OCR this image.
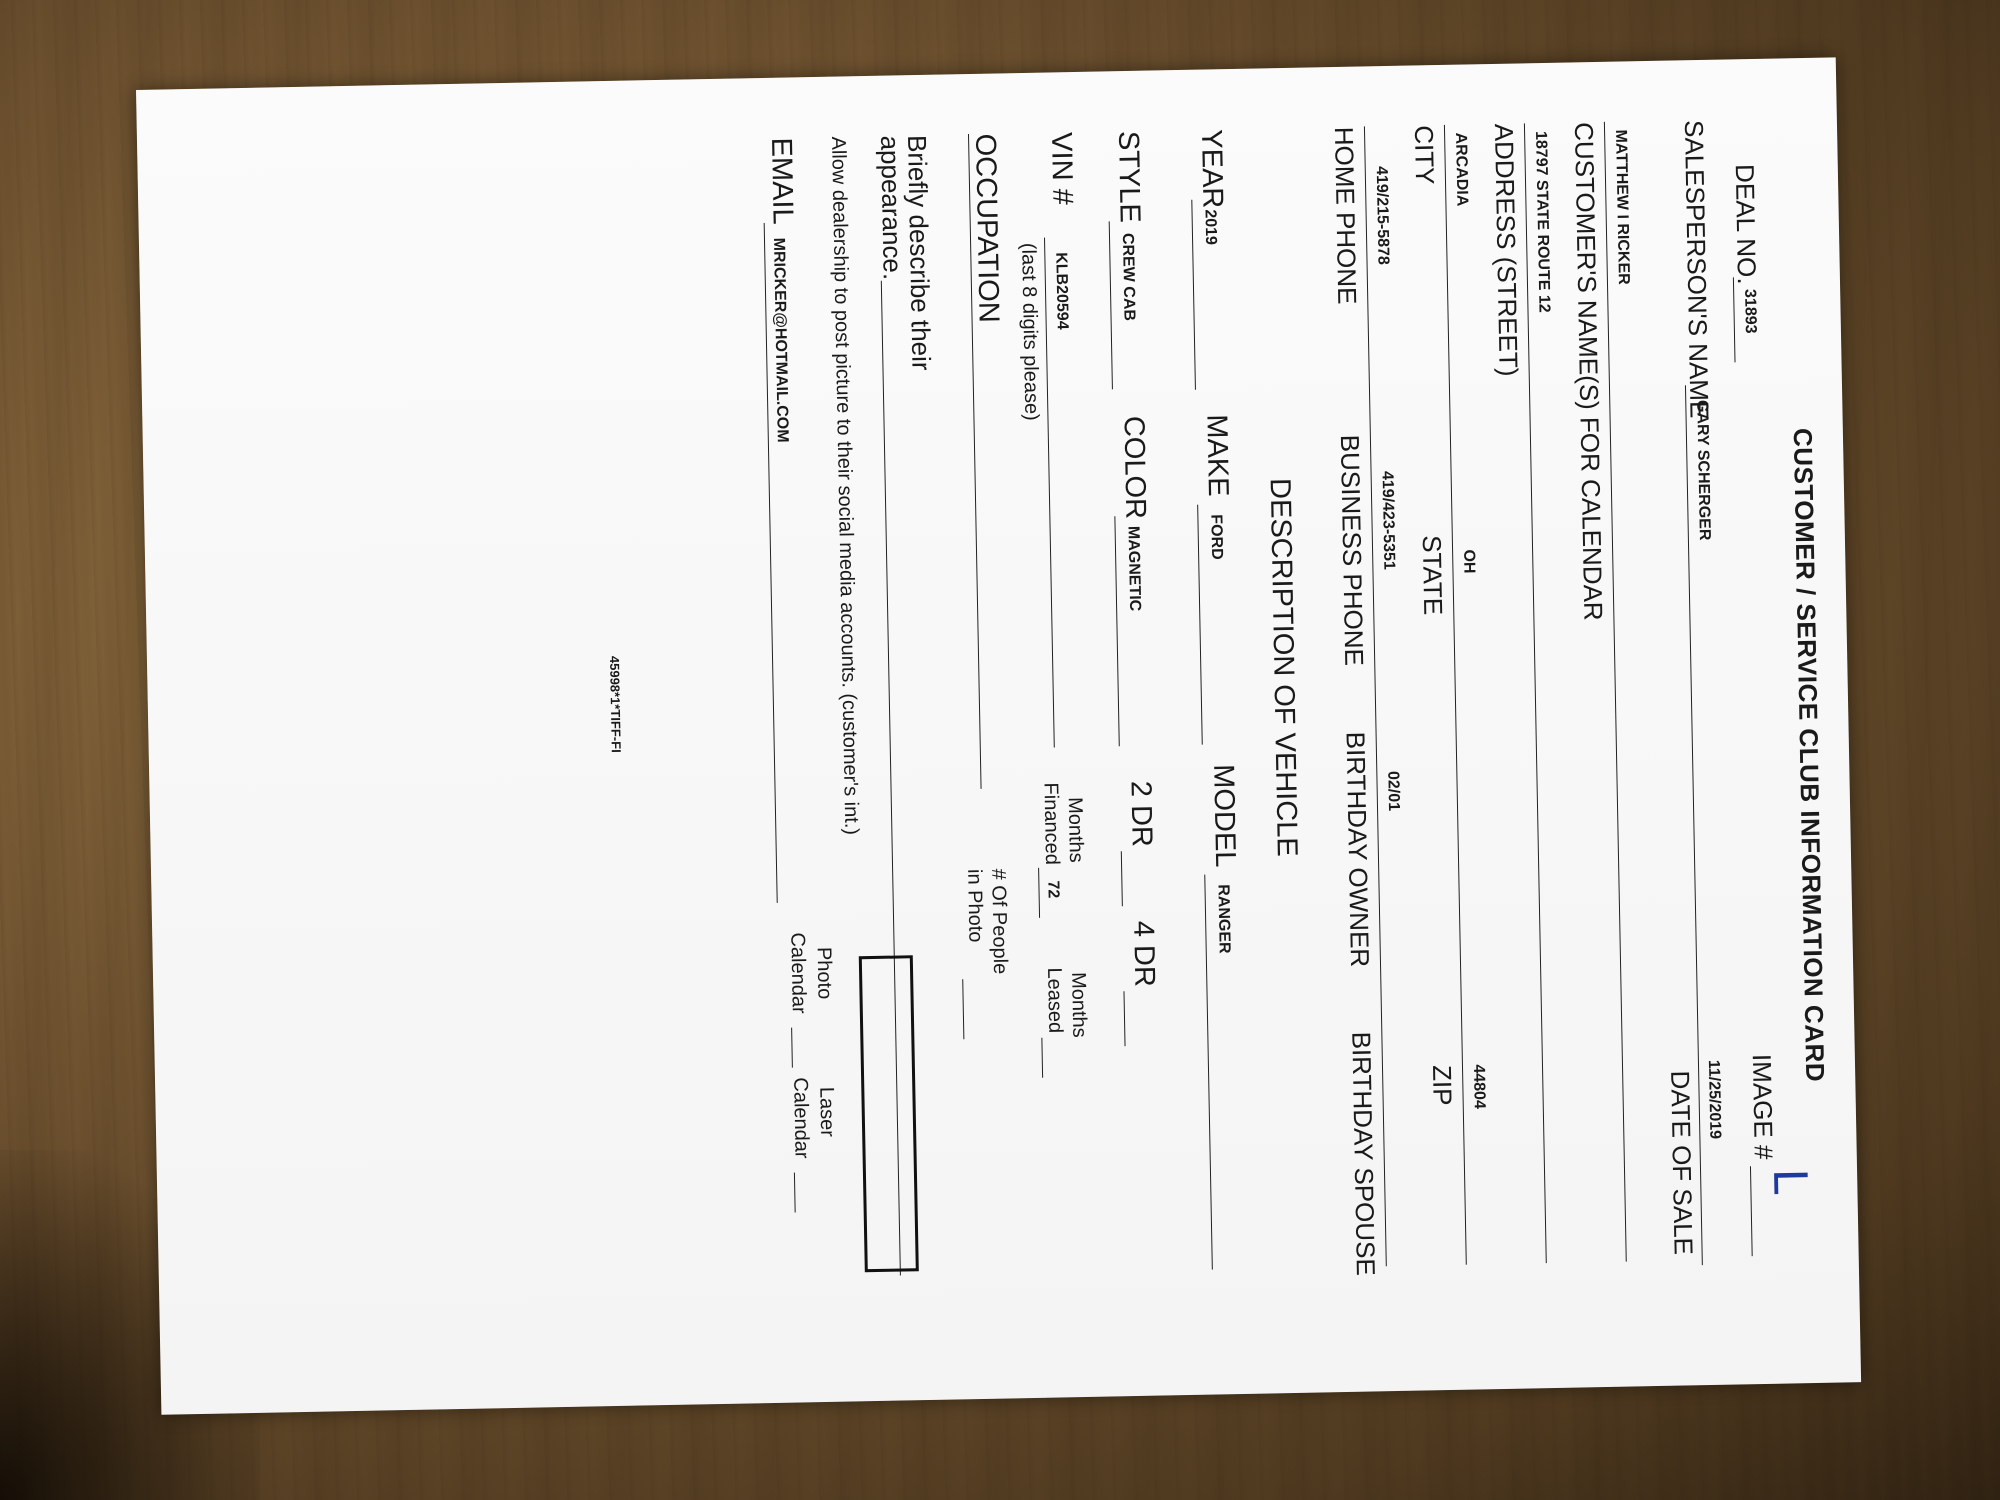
CUSTOMER / SERVICE CLUB INFORMATION CARD
DEAL NO.
31893
IMAGE #
L
SALESPERSON'S NAME
GARY SCHERGER
11/25/2019
DATE OF SALE
MATTHEW I RICKER
CUSTOMER'S NAME(S) FOR CALENDAR
18797 STATE ROUTE 12
ADDRESS (STREET)
ARCADIA
OH
44804
CITY
STATE
ZIP
419/215-5878
419/423-5351
02/01
HOME PHONE
BUSINESS PHONE
BIRTHDAY OWNER
BIRTHDAY SPOUSE
DESCRIPTION OF VEHICLE
YEAR
2019
MAKE
FORD
MODEL
RANGER
STYLE
CREW CAB
COLOR
MAGNETIC
2 DR
4 DR
VIN #
KLB20594
(last 8 digits please)
Months
Financed
72
Months
Leased
OCCUPATION
# Of People
in Photo
Briefly describe their
appearance.
Allow dealership to post picture to their social media accounts. (customer's int.)
Photo
Laser
EMAIL
MRICKER@HOTMAIL.COM
Calendar
Calendar
45998*1*TIFF-FI
